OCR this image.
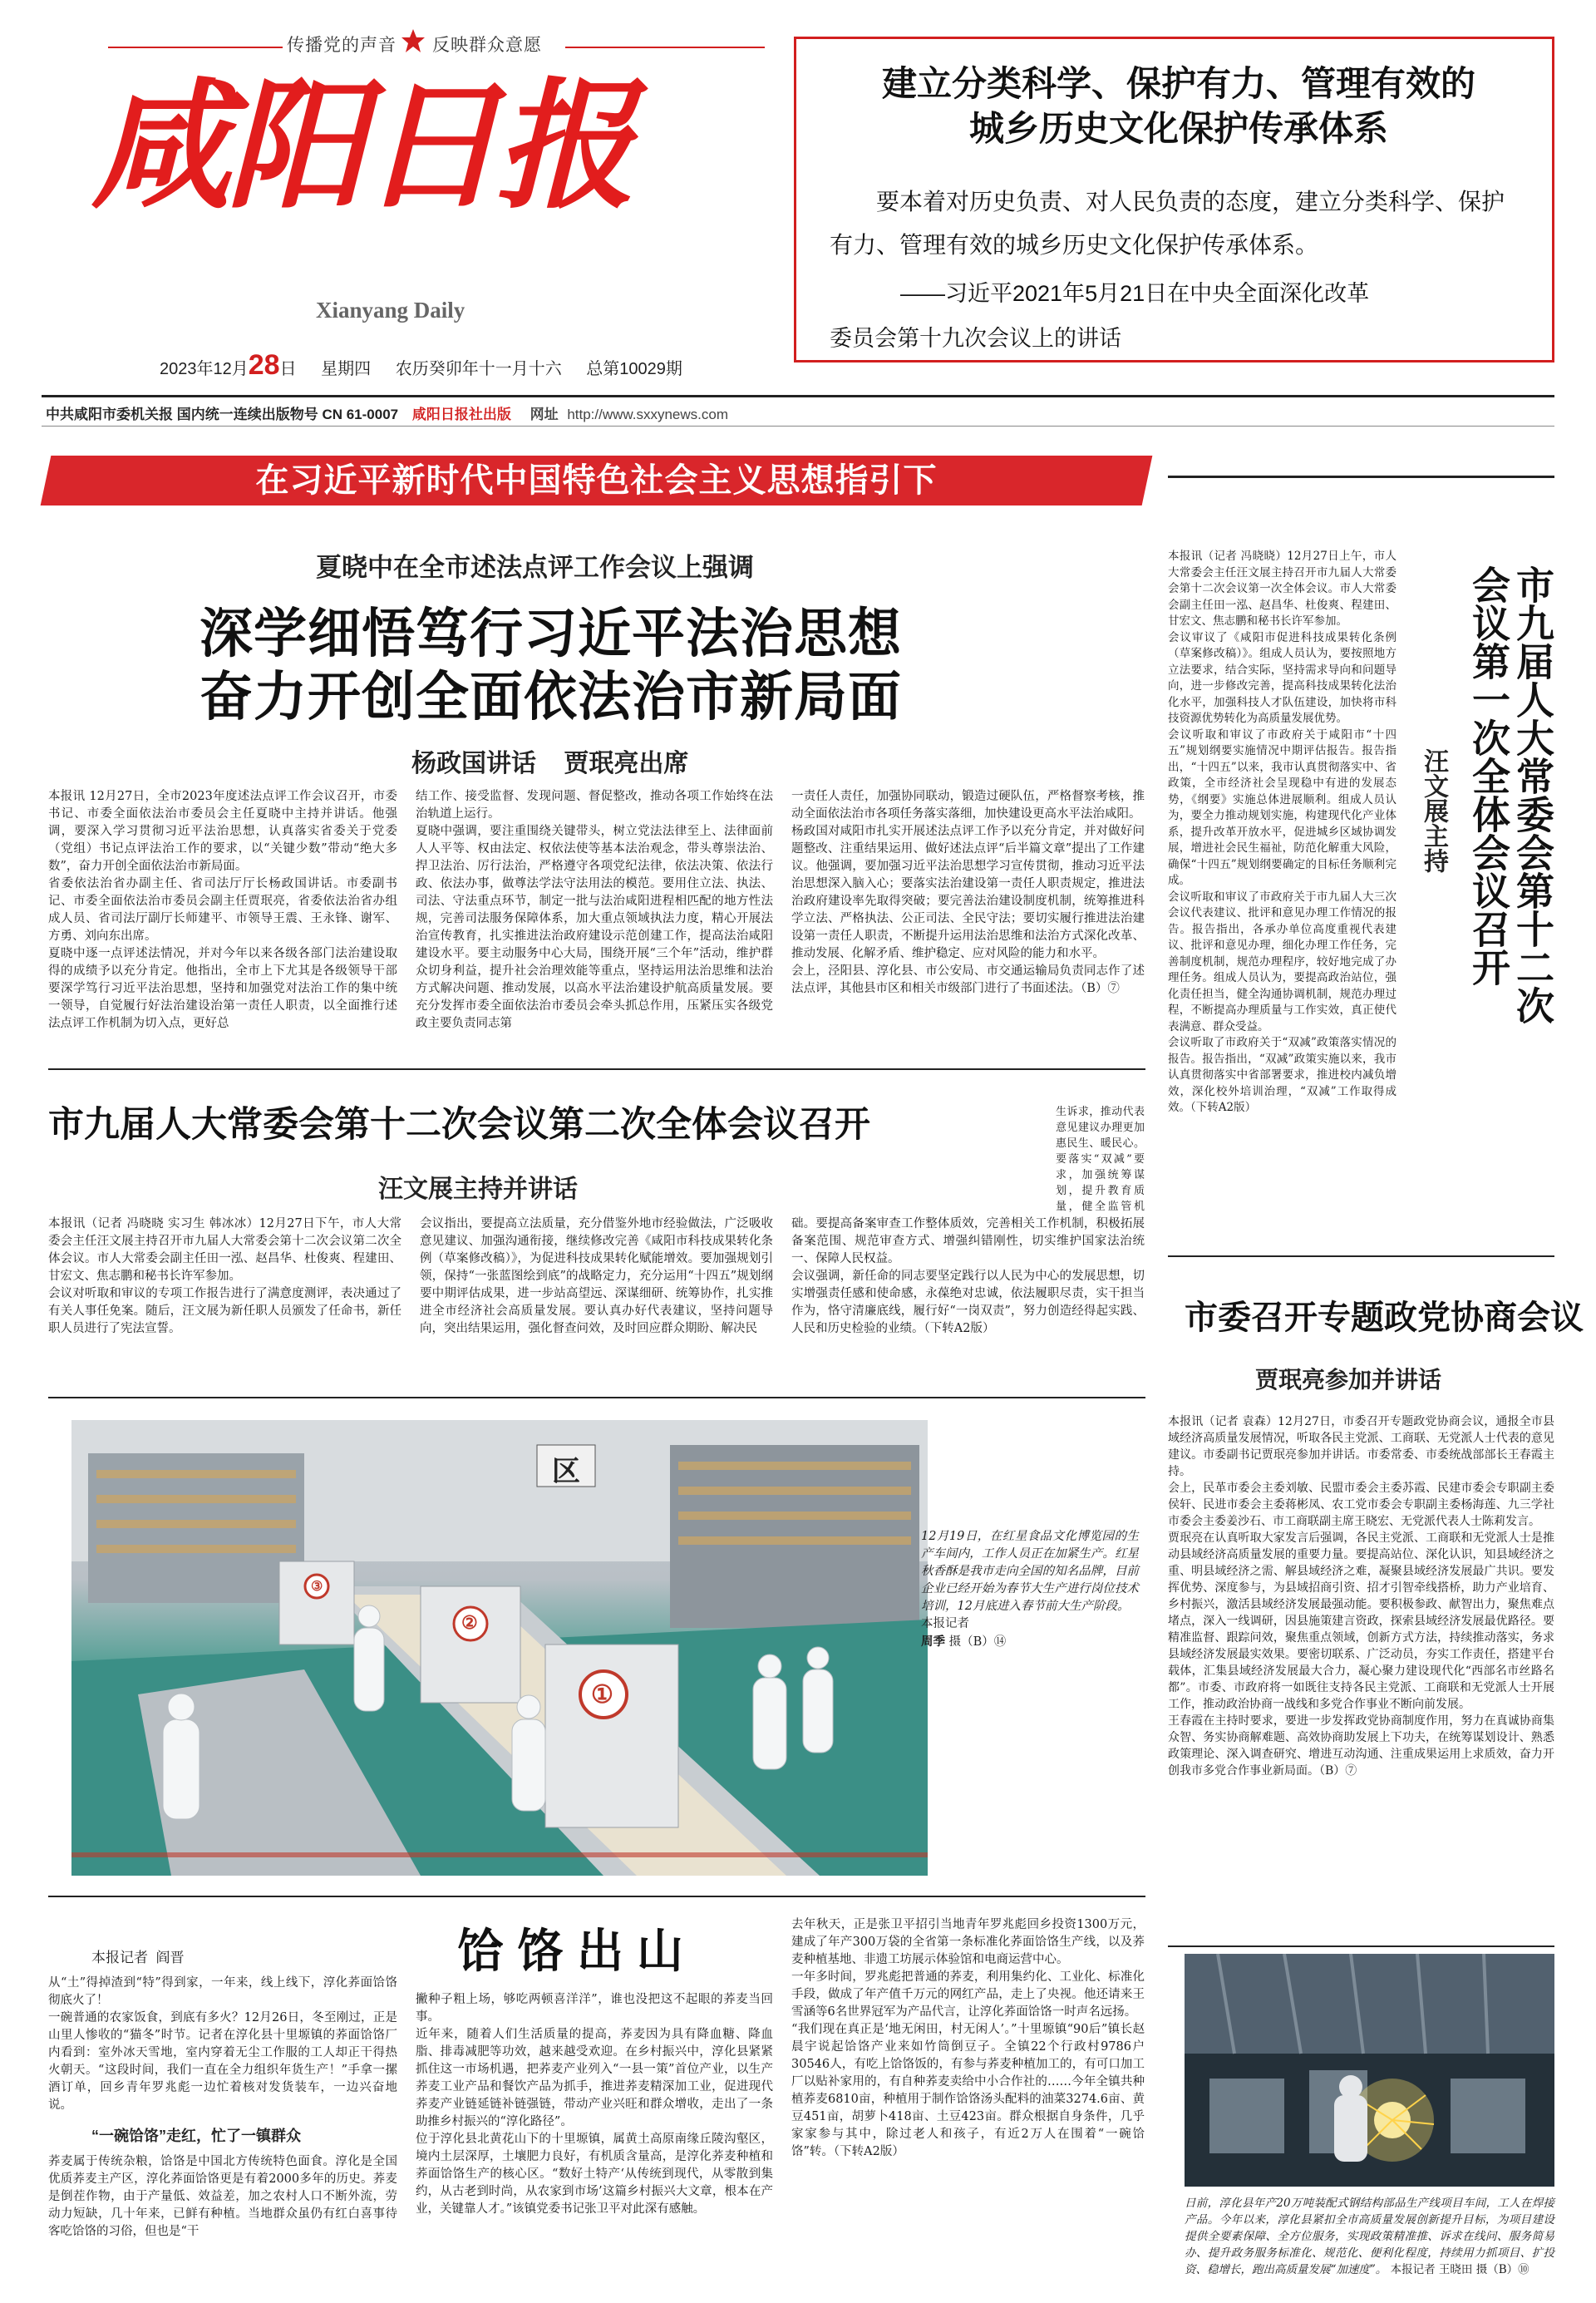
传播党的声音 反映群众意愿
咸阳日报
Xianyang Daily
2023年12月28日 星期四 农历癸卯年十一月十六 总第10029期
建立分类科学、保护有力、管理有效的
城乡历史文化保护传承体系
要本着对历史负责、对人民负责的态度，建立分类科学、保护有力、管理有效的城乡历史文化保护传承体系。
——习近平2021年5月21日在中央全面深化改革
委员会第十九次会议上的讲话
中共咸阳市委机关报 国内统一连续出版物号 CN 61-0007 咸阳日报社出版 网址 http://www.sxxynews.com
在习近平新时代中国特色社会主义思想指引下
夏晓中在全市述法点评工作会议上强调
深学细悟笃行习近平法治思想
奋力开创全面依法治市新局面
杨政国讲话    贾珉亮出席
本报讯 12月27日，全市2023年度述法点评工作会议召开，市委书记、市委全面依法治市委员会主任夏晓中主持并讲话。他强调，要深入学习贯彻习近平法治思想，认真落实省委关于党委（党组）书记点评法治工作的要求，以“关键少数”带动“绝大多数”，奋力开创全面依法治市新局面。
省委依法治省办副主任、省司法厅厅长杨政国讲话。市委副书记、市委全面依法治市委员会副主任贾珉亮，省委依法治省办组成人员、省司法厅副厅长师建平、市领导王震、王永锋、谢军、方勇、刘向东出席。
夏晓中逐一点评述法情况，并对今年以来各级各部门法治建设取得的成绩予以充分肯定。他指出，全市上下尤其是各级领导干部要深学笃行习近平法治思想，坚持和加强党对法治工作的集中统一领导，自觉履行好法治建设治第一责任人职责，以全面推行述法点评工作机制为切入点，更好总
结工作、接受监督、发现问题、督促整改，推动各项工作始终在法治轨道上运行。
夏晓中强调，要注重围绕关键带头，树立党法法律至上、法律面前人人平等、权由法定、权依法使等基本法治观念，带头尊崇法治、捍卫法治、厉行法治，严格遵守各项党纪法律，依法决策、依法行政、依法办事，做尊法学法守法用法的模范。要用住立法、执法、司法、守法重点环节，制定一批与法治咸阳进程相匹配的地方性法规，完善司法服务保障体系，加大重点领域执法力度，精心开展法治宣传教育，扎实推进法治政府建设示范创建工作，提高法治咸阳建设水平。要主动服务中心大局，围绕开展“三个年”活动，维护群众切身利益，提升社会治理效能等重点，坚持运用法治思维和法治方式解决问题、推动发展，以高水平法治建设护航高质量发展。要充分发挥市委全面依法治市委员会牵头抓总作用，压紧压实各级党政主要负责同志第
一责任人责任，加强协同联动，锻造过硬队伍，严格督察考核，推动全面依法治市各项任务落实落细，加快建设更高水平法治咸阳。
杨政国对咸阳市扎实开展述法点评工作予以充分肯定，并对做好问题整改、注重结果运用、做好述法点评“后半篇文章”提出了工作建议。他强调，要加强习近平法治思想学习宣传贯彻，推动习近平法治思想深入脑入心；要落实法治建设第一责任人职责规定，推进法治政府建设率先取得突破；要完善法治建设制度机制，统筹推进科学立法、严格执法、公正司法、全民守法；要切实履行推进法治建设第一责任人职责，不断提升运用法治思维和法治方式深化改革、推动发展、化解矛盾、维护稳定、应对风险的能力和水平。
会上，泾阳县、淳化县、市公安局、市交通运输局负责同志作了述法点评，其他县市区和相关市级部门进行了书面述法。（B）⑦	市九届人大常委会第十二次
会议第一次全体会议召开
汪文展主持
本报讯（记者 冯晓晓）12月27日上午，市人大常委会主任汪文展主持召开市九届人大常委会第十二次会议第一次全体会议。市人大常委会副主任田一泓、赵昌华、杜俊爽、程建田、甘宏文、焦志鹏和秘书长许军参加。
会议审议了《咸阳市促进科技成果转化条例（草案修改稿）》。组成人员认为，要按照地方立法要求，结合实际，坚持需求导向和问题导向，进一步修改完善，提高科技成果转化法治化水平，加强科技人才队伍建设，加快将市科技资源优势转化为高质量发展优势。
会议听取和审议了市政府关于咸阳市“十四五”规划纲要实施情况中期评估报告。报告指出，“十四五”以来，我市认真贯彻落实中、省政策，全市经济社会呈现稳中有进的发展态势，《纲要》实施总体进展顺利。组成人员认为，要全力推动规划实施，构建现代化产业体系，提升改革开放水平，促进城乡区域协调发展，增进社会民生福祉，防范化解重大风险，确保“十四五”规划纲要确定的目标任务顺利完成。
会议听取和审议了市政府关于市九届人大三次会议代表建议、批评和意见办理工作情况的报告。报告指出，各承办单位高度重视代表建议、批评和意见办理，细化办理工作任务，完善制度机制，规范办理程序，较好地完成了办理任务。组成人员认为，要提高政治站位，强化责任担当，健全沟通协调机制，规范办理过程，不断提高办理质量与工作实效，真正使代表满意、群众受益。
会议听取了市政府关于“双减”政策落实情况的报告。报告指出，“双减”政策实施以来，我市认真贯彻落实中省部署要求，推进校内减负增效，深化校外培训治理，“双减”工作取得成效。（下转A2版）
市九届人大常委会第十二次会议第二次全体会议召开
汪文展主持并讲话
本报讯（记者 冯晓晓 实习生 韩冰冰）12月27日下午，市人大常委会主任汪文展主持召开市九届人大常委会第十二次会议第二次全体会议。市人大常委会副主任田一泓、赵昌华、杜俊爽、程建田、甘宏文、焦志鹏和秘书长许军参加。
会议对听取和审议的专项工作报告进行了满意度测评，表决通过了有关人事任免案。随后，汪文展为新任职人员颁发了任命书，新任职人员进行了宪法宣誓。
会议指出，要提高立法质量，充分借鉴外地市经验做法，广泛吸收意见建议、加强沟通衔接，继续修改完善《咸阳市科技成果转化条例（草案修改稿）》，为促进科技成果转化赋能增效。要加强规划引领，保持“一张蓝图绘到底”的战略定力，充分运用“十四五”规划纲要中期评估成果，进一步站高望远、深谋细研、统筹协作，扎实推进全市经济社会高质量发展。要认真办好代表建议，坚持问题导向，突出结果运用，强化督查问效，及时回应群众期盼、解决民
础。要提高备案审查工作整体质效，完善相关工作机制，积极拓展备案范围、规范审查方式、增强纠错刚性，切实维护国家法治统一、保障人民权益。
会议强调，新任命的同志要坚定践行以人民为中心的发展思想，切实增强责任感和使命感，永葆绝对忠诚，依法履职尽责，实干担当作为，恪守清廉底线，履行好“一岗双责”，努力创造经得起实践、人民和历史检验的业绩。（下转A2版）
生诉求，推动代表意见建议办理更加惠民生、暖民心。要落实“双减”要求，加强统筹谋划，提升教育质量，健全监管机
区
①
②
③
12月19日，在红星食品文化博览园的生产车间内，工作人员正在加紧生产。红星秋香酥是我市走向全国的知名品牌，目前企业已经开始为春节大生产进行岗位技术培训，12月底进入春节前大生产阶段。
本报记者
周季 摄（B）⑭
市委召开专题政党协商会议
贾珉亮参加并讲话
本报讯（记者 袁森）12月27日，市委召开专题政党协商会议，通报全市县域经济高质量发展情况，听取各民主党派、工商联、无党派人士代表的意见建议。市委副书记贾珉亮参加并讲话。市委常委、市委统战部部长王春霞主持。
会上，民革市委会主委刘敏、民盟市委会主委苏霞、民建市委会专职副主委侯轩、民进市委会主委蒋彬凤、农工党市委会专职副主委杨海莲、九三学社市委会主委姜沙石、市工商联副主席王晓宏、无党派代表人士陈莉发言。
贾珉亮在认真听取大家发言后强调，各民主党派、工商联和无党派人士是推动县域经济高质量发展的重要力量。要提高站位、深化认识，知县域经济之重、明县域经济之需、解县域经济之难，凝聚县域经济发展最广共识。要发挥优势、深度参与，为县域招商引资、招才引智牵线搭桥，助力产业培育、乡村振兴，激活县域经济发展最强动能。要积极参政、献智出力，聚焦难点堵点，深入一线调研，因县施策建言资政，探索县域经济发展最优路径。要精准监督、跟踪问效，聚焦重点领域，创新方式方法，持续推动落实，务求县域经济发展最实效果。要密切联系、广泛动员，夯实工作责任，搭建平台载体，汇集县域经济发展最大合力，凝心聚力建设现代化“西部名市丝路名都”。市委、市政府将一如既往支持各民主党派、工商联和无党派人士开展工作，推动政治协商一战线和多党合作事业不断向前发展。
王春霞在主持时要求，要进一步发挥政党协商制度作用，努力在真诚协商集众智、务实协商解难题、高效协商助发展上下功夫，在统筹谋划设计、熟悉政策理论、深入调查研究、增进互动沟通、注重成果运用上求质效，奋力开创我市多党合作事业新局面。（B）⑦
本报记者  阎晋	饸饹出山
从“土”得掉渣到“特”得到家，一年来，线上线下，淳化荞面饸饹彻底火了！
一碗普通的农家饭食，到底有多火？12月26日，冬至刚过，正是山里人惨收的“猫冬”时节。记者在淳化县十里塬镇的荞面饸饹厂内看到：室外冰天雪地，室内穿着无尘工作服的工人却正干得热火朝天。“这段时间，我们一直在全力组织年货生产！”手拿一摞酒订单，回乡青年罗兆彪一边忙着核对发货装车，一边兴奋地说。
“一碗饸饹”走红，忙了一镇群众
荞麦属于传统杂粮，饸饹是中国北方传统特色面食。淳化是全国优质荞麦主产区，淳化荞面饸饹更是有着2000多年的历史。荞麦是倒茬作物，由于产量低、效益差，加之农村人口不断外流，劳动力短缺，几十年来，已鲜有种植。当地群众虽仍有红白喜事待客吃饸饹的习俗，但也是“干
撇种子粗上场，够吃两顿喜洋洋”，谁也没把这不起眼的荞麦当回事。
近年来，随着人们生活质量的提高，荞麦因为具有降血糖、降血脂、排毒减肥等功效，越来越受欢迎。在乡村振兴中，淳化县紧紧抓住这一市场机遇，把荞麦产业列入“一县一策”首位产业，以生产荞麦工业产品和餐饮产品为抓手，推进荞麦精深加工业，促进现代荞麦产业链延链补链强链，带动产业兴旺和群众增收，走出了一条助推乡村振兴的“淳化路径”。
位于淳化县北黄花山下的十里塬镇，属黄土高原南缘丘陵沟壑区，境内土层深厚，土壤肥力良好，有机质含量高，是淳化荞麦种植和荞面饸饹生产的核心区。“数好土特产‘从传统到现代，从零散到集约，从古老到时尚，从农家到市场’这篇乡村振兴大文章，根本在产业，关键靠人才。”该镇党委书记张卫平对此深有感触。
去年秋天，正是张卫平招引当地青年罗兆彪回乡投资1300万元，建成了年产300万袋的全省第一条标准化荞面饸饹生产线，以及荞麦种植基地、非遗工坊展示体验馆和电商运营中心。
一年多时间，罗兆彪把普通的荞麦，利用集约化、工业化、标准化手段，做成了年产值千万元的网红产品，走上了央视。他还请来王雪涵等6名世界冠军为产品代言，让淳化荞面饸饹一时声名远扬。
“我们现在真正是‘地无闲田，村无闲人’。”十里塬镇“90后”镇长赵晨宇说起饸饹产业来如竹筒倒豆子。全镇22个行政村9786户30546人，有吃上饸饹饭的，有参与荞麦种植加工的，有可口加工厂以贴补家用的，有自种荞麦卖给中小合作社的……今年全镇共种植荞麦6810亩，种植用于制作饸饹汤头配料的油菜3274.6亩、黄豆451亩，胡萝卜418亩、土豆423亩。群众根据自身条件，几乎家家参与其中，除过老人和孩子，有近2万人在围着“一碗饸饹”转。（下转A2版）
日前，淳化县年产20万吨装配式钢结构部品生产线项目车间，工人在焊接产品。今年以来，淳化县紧扣全市高质量发展创新提升目标，为项目建设提供全要素保障、全方位服务，实现政策精准推、诉求在线问、服务简易办、提升政务服务标准化、规范化、便利化程度，持续用力抓项目、扩投资、稳增长，跑出高质量发展“加速度”。 本报记者 王晓田 摄（B）⑩
